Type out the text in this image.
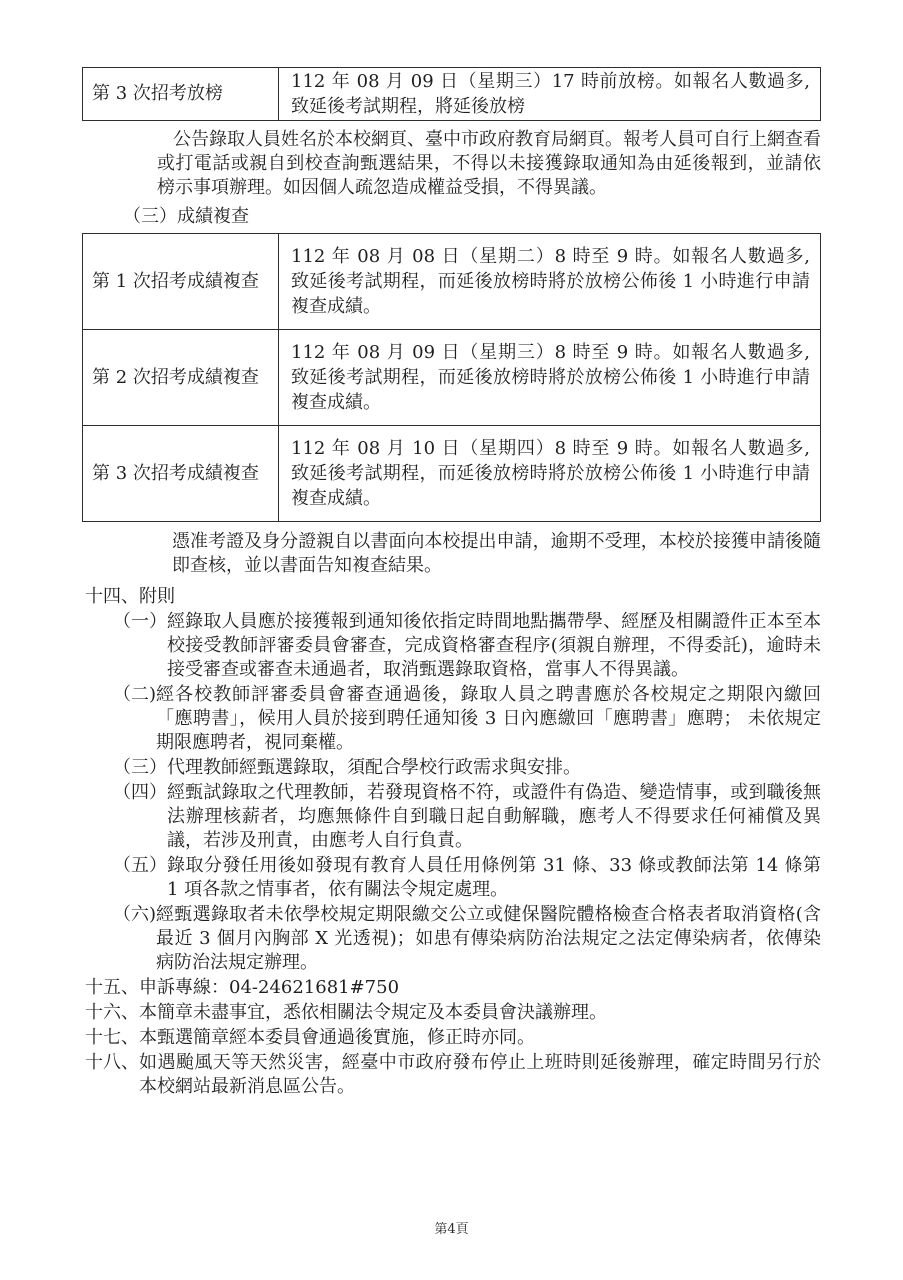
第 3 次招考放榜	112 年 08 月 09 日（星期三）17 時前放榜。如報名人數過多, 致延後考試期程，將延後放榜

公告錄取人員姓名於本校網頁、臺中市政府教育局網頁。報考人員可自行上網查看或打電話或親自到校查詢甄選結果，不得以未接獲錄取通知為由延後報到，並請依榜示事項辦理。如因個人疏忽造成權益受損，不得異議。

（三）成績複查
第 1 次招考成績複查	112 年 08 月 08 日（星期二）8 時至 9 時。如報名人數過多, 致延後考試期程，而延後放榜時將於放榜公佈後 1 小時進行申請複查成績。
第 2 次招考成績複查	112 年 08 月 09 日（星期三）8 時至 9 時。如報名人數過多, 致延後考試期程，而延後放榜時將於放榜公佈後 1 小時進行申請複查成績。
第 3 次招考成績複查	112 年 08 月 10 日（星期四）8 時至 9 時。如報名人數過多, 致延後考試期程，而延後放榜時將於放榜公佈後 1 小時進行申請複查成績。

憑准考證及身分證親自以書面向本校提出申請，逾期不受理，本校於接獲申請後隨即查核，並以書面告知複查結果。

十四、 附則
（一） 經錄取人員應於接獲報到通知後依指定時間地點攜帶學、經歷及相關證件正本至本校接受教師評審委員會審查，完成資格審查程序(須親自辦理，不得委託)，逾時未接受審查或審查未通過者，取消甄選錄取資格，當事人不得異議。
（二) 經各校教師評審委員會審查通過後，錄取人員之聘書應於各校規定之期限內繳回「應聘書」，候用人員於接到聘任通知後 3 日內應繳回「應聘書」應聘； 未依規定期限應聘者，視同棄權。
（三） 代理教師經甄選錄取，須配合學校行政需求與安排。
（四） 經甄試錄取之代理教師，若發現資格不符，或證件有偽造、變造情事，或到職後無法辦理核薪者，均應無條件自到職日起自動解職，應考人不得要求任何補償及異議，若涉及刑責，由應考人自行負責。
（五） 錄取分發任用後如發現有教育人員任用條例第 31 條、33 條或教師法第 14 條第 1 項各款之情事者，依有關法令規定處理。
（六) 經甄選錄取者未依學校規定期限繳交公立或健保醫院體格檢查合格表者取消資格(含最近 3 個月內胸部 X 光透視)；如患有傳染病防治法規定之法定傳染病者，依傳染病防治法規定辦理。
十五、 申訴專線：04-24621681#750
十六、 本簡章未盡事宜，悉依相關法令規定及本委員會決議辦理。
十七、 本甄選簡章經本委員會通過後實施，修正時亦同。
十八、 如遇颱風天等天然災害，經臺中市政府發布停止上班時則延後辦理，確定時間另行於本校網站最新消息區公告。
第4頁
